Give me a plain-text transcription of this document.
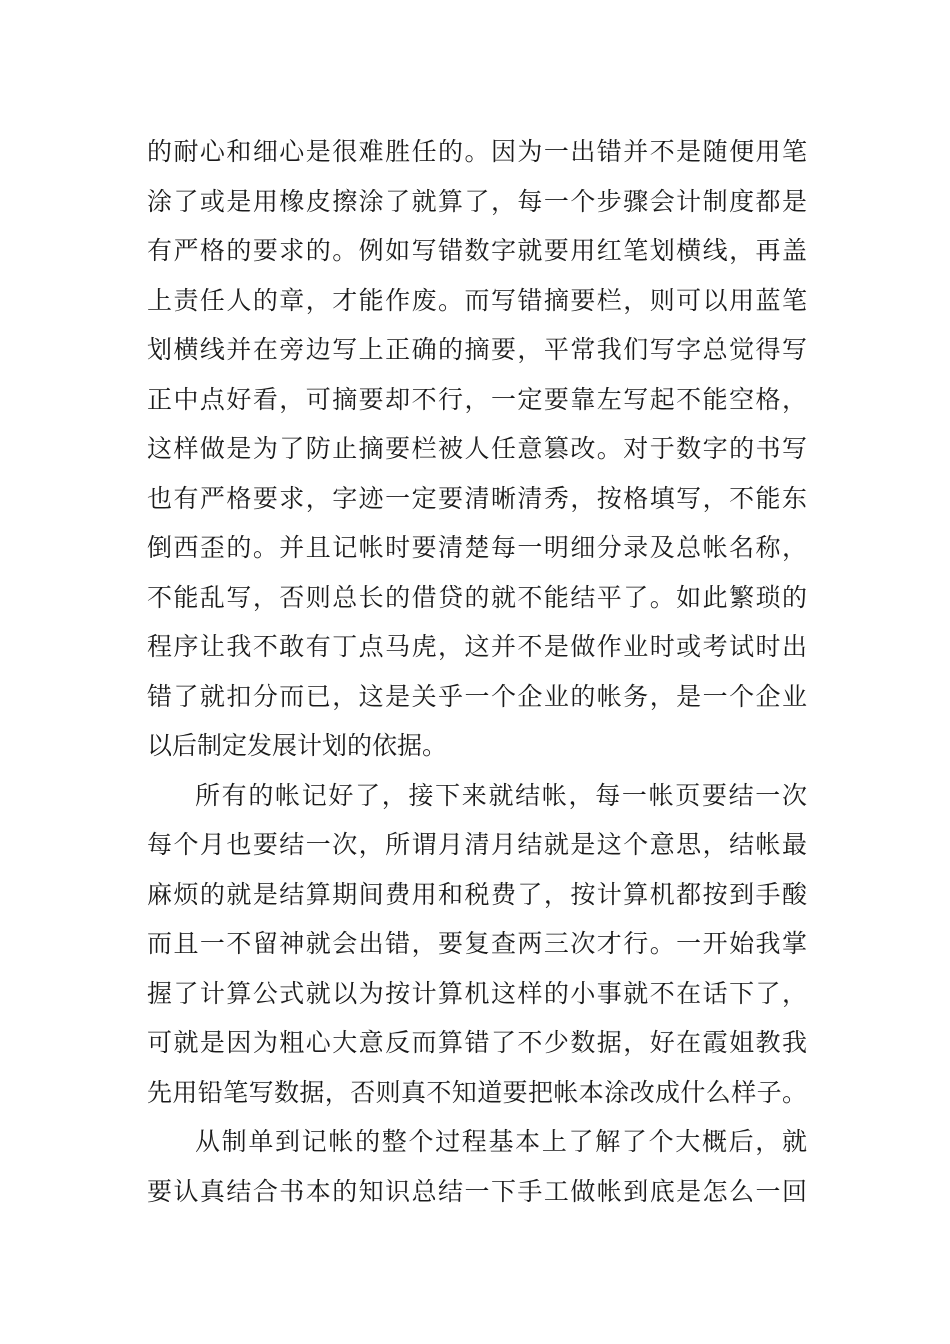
的耐心和细心是很难胜任的。因为一出错并不是随便用笔
涂了或是用橡皮擦涂了就算了，每一个步骤会计制度都是
有严格的要求的。例如写错数字就要用红笔划横线，再盖
上责任人的章，才能作废。而写错摘要栏，则可以用蓝笔
划横线并在旁边写上正确的摘要，平常我们写字总觉得写
正中点好看，可摘要却不行，一定要靠左写起不能空格，
这样做是为了防止摘要栏被人任意篡改。对于数字的书写
也有严格要求，字迹一定要清晰清秀，按格填写，不能东
倒西歪的。并且记帐时要清楚每一明细分录及总帐名称，
不能乱写，否则总长的借贷的就不能结平了。如此繁琐的
程序让我不敢有丁点马虎，这并不是做作业时或考试时出
错了就扣分而已，这是关乎一个企业的帐务，是一个企业
以后制定发展计划的依据。
所有的帐记好了，接下来就结帐，每一帐页要结一次
每个月也要结一次，所谓月清月结就是这个意思，结帐最
麻烦的就是结算期间费用和税费了，按计算机都按到手酸
而且一不留神就会出错，要复查两三次才行。一开始我掌
握了计算公式就以为按计算机这样的小事就不在话下了，
可就是因为粗心大意反而算错了不少数据，好在霞姐教我
先用铅笔写数据，否则真不知道要把帐本涂改成什么样子。
从制单到记帐的整个过程基本上了解了个大概后，就
要认真结合书本的知识总结一下手工做帐到底是怎么一回
